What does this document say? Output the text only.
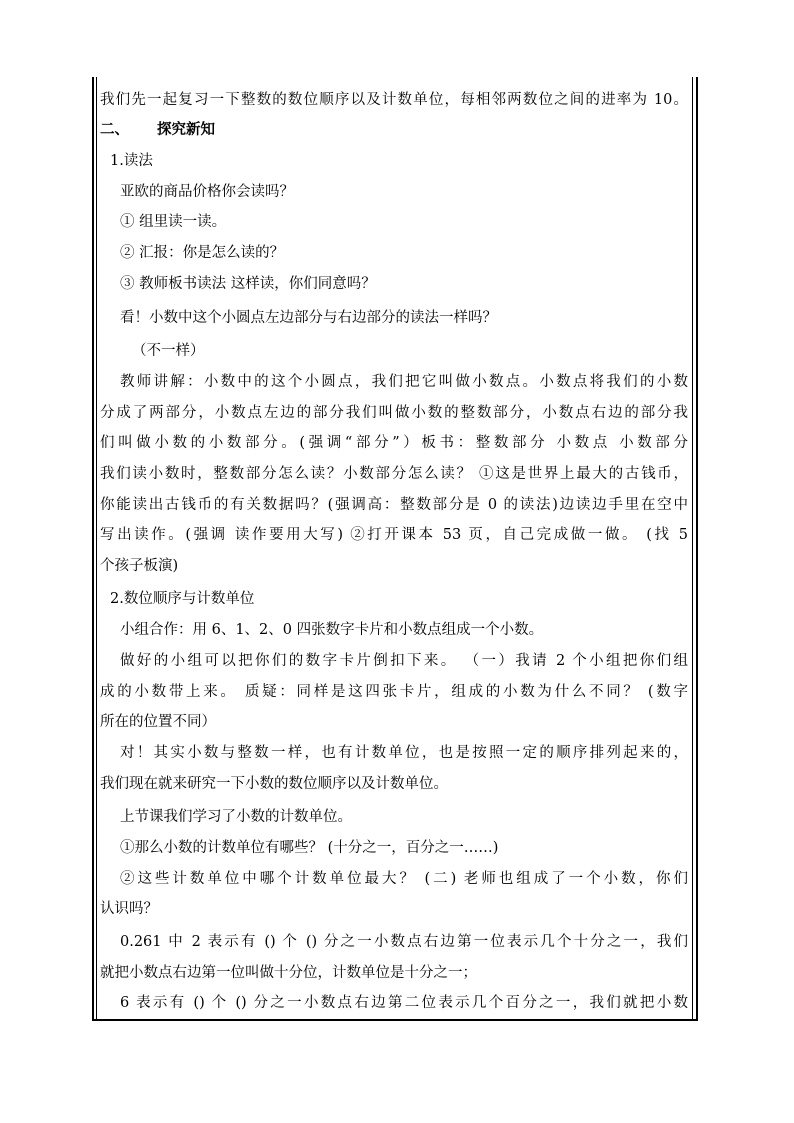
我们先一起复习一下整数的数位顺序以及计数单位，每相邻两数位之间的进率为 10。

二、 探究新知

1.读法

亚欧的商品价格你会读吗？

① 组里读一读。

② 汇报：你是怎么读的？

③ 教师板书读法 这样读，你们同意吗？

看！小数中这个小圆点左边部分与右边部分的读法一样吗？

（不一样）

教师讲解：小数中的这个小圆点，我们把它叫做小数点。小数点将我们的小数

分成了两部分，小数点左边的部分我们叫做小数的整数部分，小数点右边的部分我

们叫做小数的小数部分。(强调“部分”）板书：整数部分 小数点 小数部分

我们读小数时，整数部分怎么读？小数部分怎么读？ ①这是世界上最大的古钱币，

你能读出古钱币的有关数据吗？(强调高：整数部分是 0 的读法)边读边手里在空中

写出读作。(强调 读作要用大写) ②打开课本 53 页，自己完成做一做。 (找 5

个孩子板演)

2.数位顺序与计数单位

小组合作：用 6、1、2、0 四张数字卡片和小数点组成一个小数。

做好的小组可以把你们的数字卡片倒扣下来。 （一）我请 2 个小组把你们组

成的小数带上来。 质疑：同样是这四张卡片，组成的小数为什么不同？ (数字

所在的位置不同）

对！其实小数与整数一样，也有计数单位，也是按照一定的顺序排列起来的，

我们现在就来研究一下小数的数位顺序以及计数单位。

上节课我们学习了小数的计数单位。

①那么小数的计数单位有哪些？ (十分之一，百分之一……)

②这些计数单位中哪个计数单位最大？ (二) 老师也组成了一个小数，你们

认识吗？

0.261 中 2 表示有 () 个 () 分之一小数点右边第一位表示几个十分之一，我们

就把小数点右边第一位叫做十分位，计数单位是十分之一；

6 表示有 () 个 () 分之一小数点右边第二位表示几个百分之一，我们就把小数
